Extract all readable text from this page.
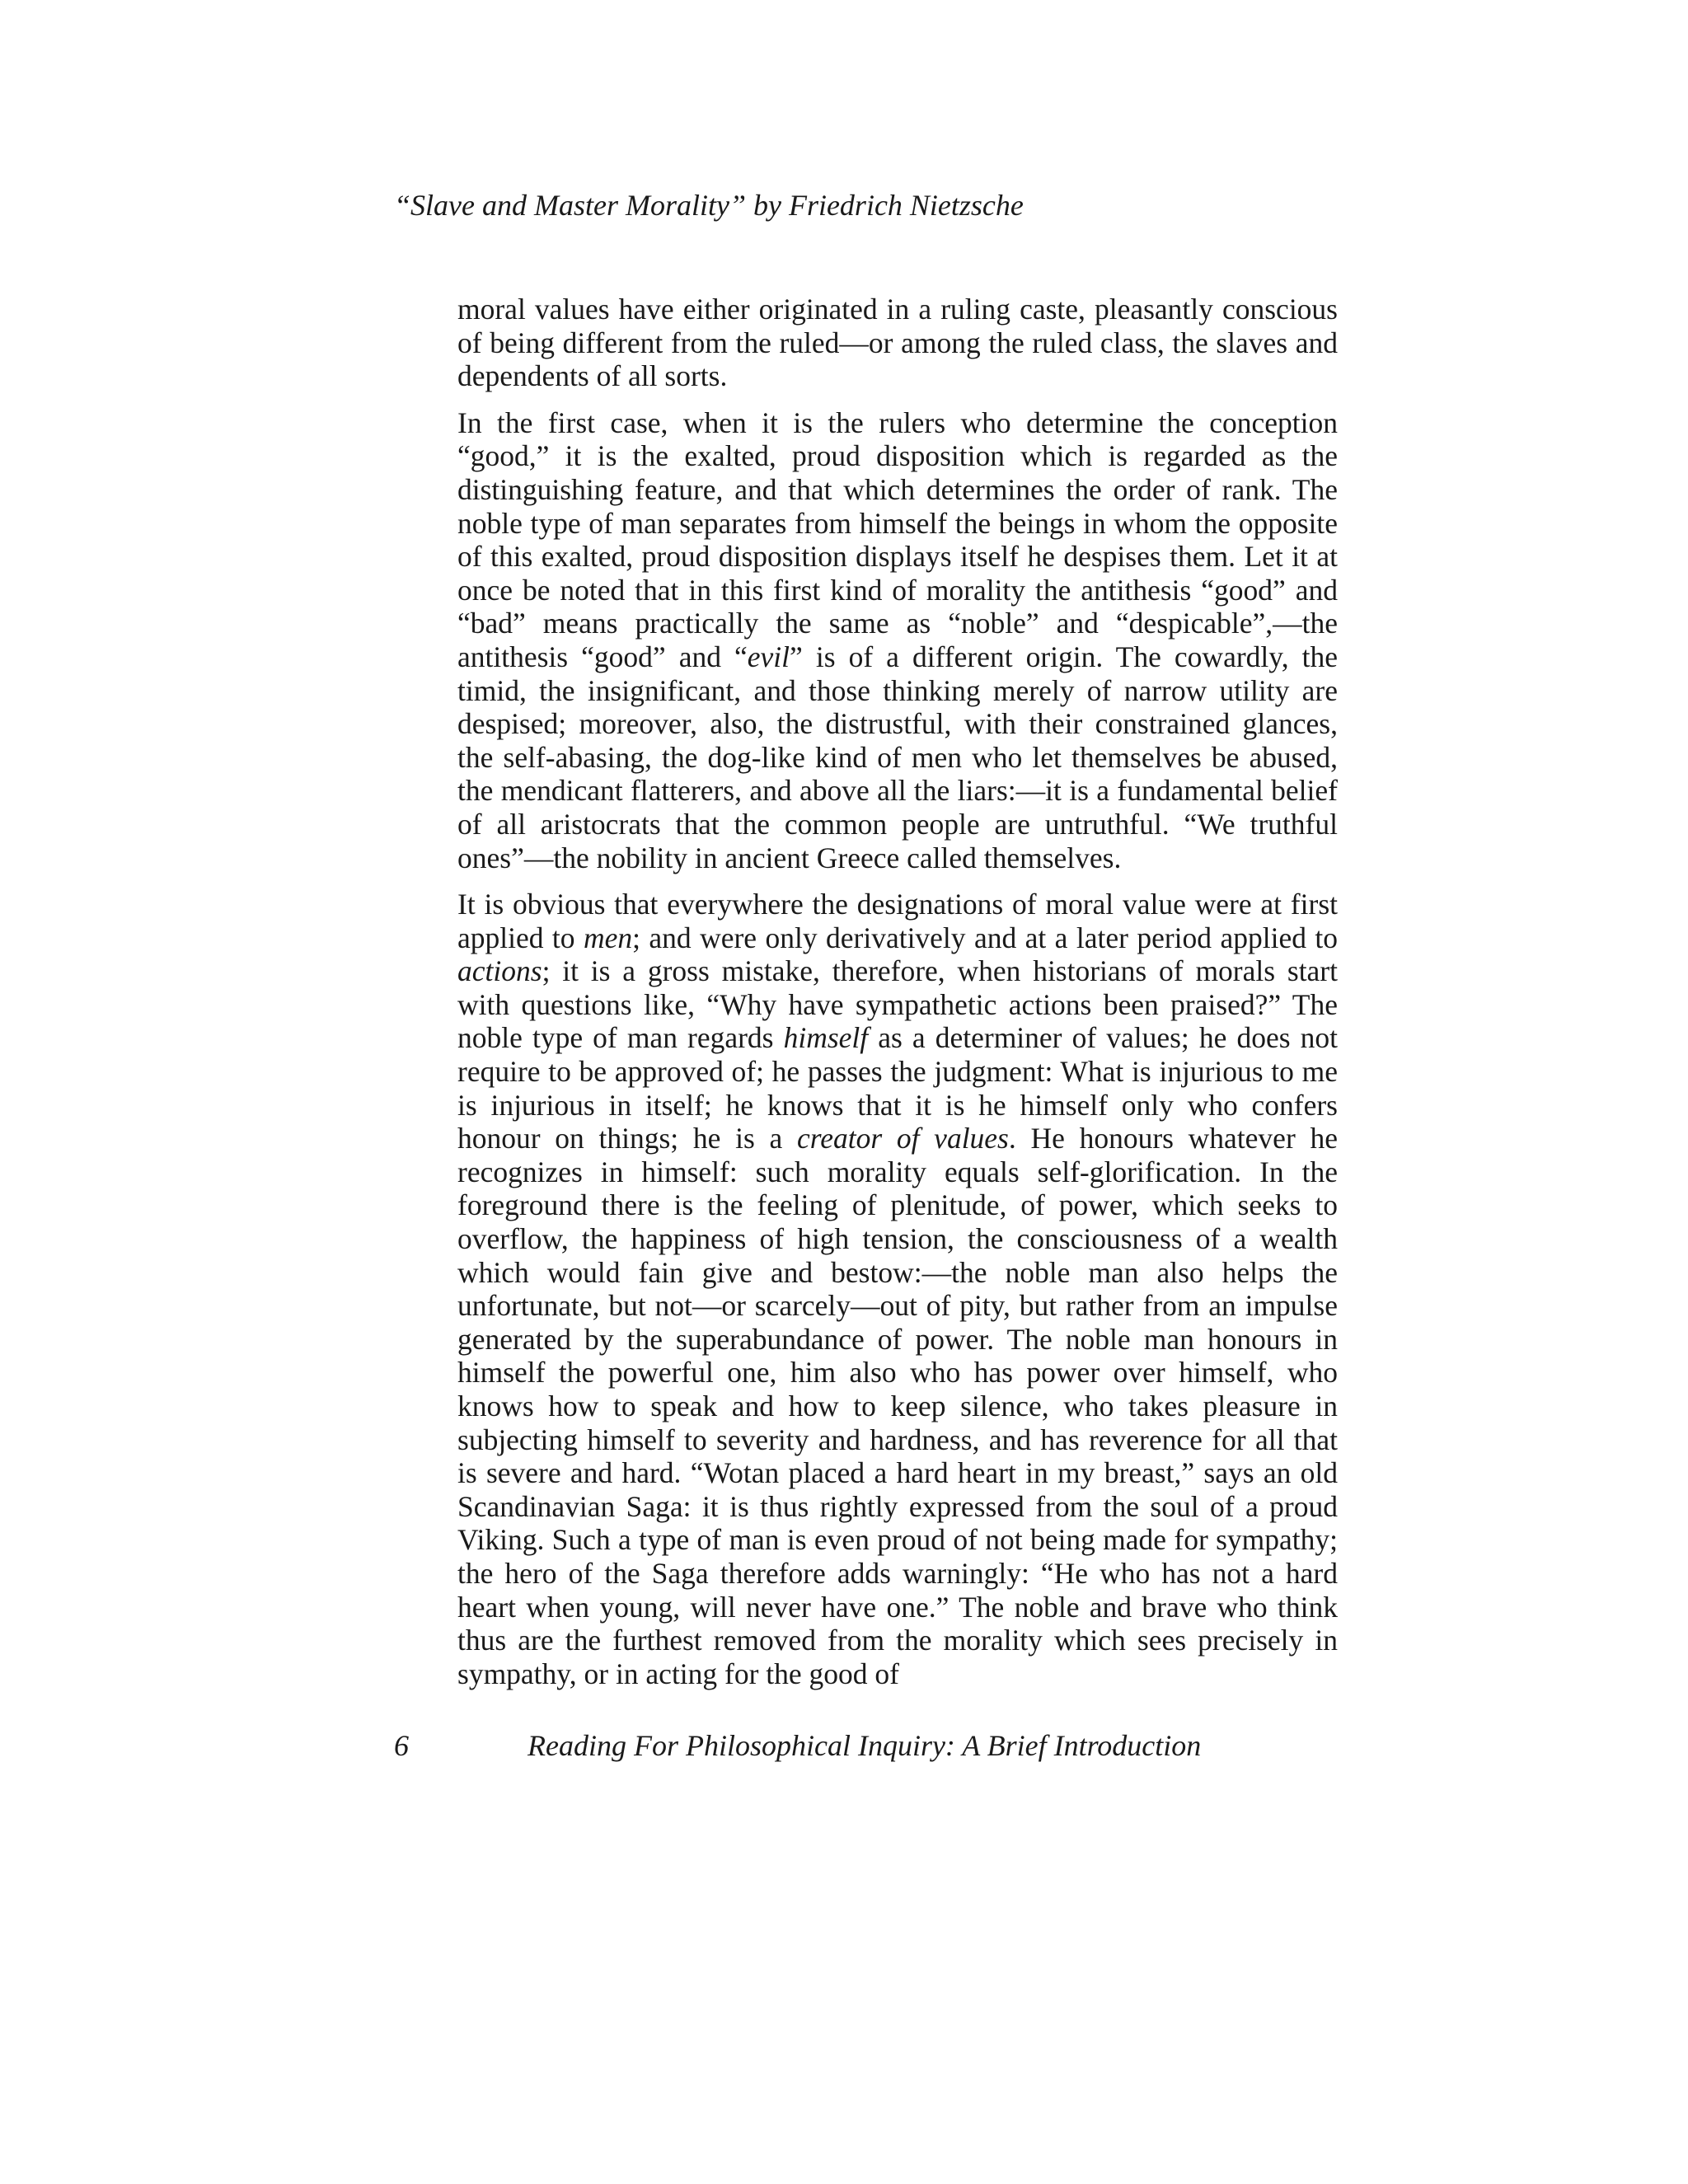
“Slave and Master Morality” by Friedrich Nietzsche

moral values have either originated in a ruling caste, pleasantly conscious of being different from the ruled—or among the ruled class, the slaves and dependents of all sorts.

In the first case, when it is the rulers who determine the conception “good,” it is the exalted, proud disposition which is regarded as the distinguishing feature, and that which determines the order of rank. The noble type of man separates from himself the beings in whom the opposite of this exalted, proud disposition displays itself he despises them. Let it at once be noted that in this first kind of morality the antithesis “good” and “bad” means practically the same as “noble” and “despicable”,—the antithesis “good” and “evil” is of a different origin. The cowardly, the timid, the insignificant, and those thinking merely of narrow utility are despised; moreover, also, the distrustful, with their constrained glances, the self-abasing, the dog-like kind of men who let themselves be abused, the mendicant flatterers, and above all the liars:—it is a fundamental belief of all aristocrats that the common people are untruthful. “We truthful ones”—the nobility in ancient Greece called themselves.

It is obvious that everywhere the designations of moral value were at first applied to men; and were only derivatively and at a later period applied to actions; it is a gross mistake, therefore, when historians of morals start with questions like, “Why have sympathetic actions been praised?” The noble type of man regards himself as a determiner of values; he does not require to be approved of; he passes the judgment: What is injurious to me is injurious in itself; he knows that it is he himself only who confers honour on things; he is a creator of values. He honours whatever he recognizes in himself: such morality equals self-glorification. In the foreground there is the feeling of plenitude, of power, which seeks to overflow, the happiness of high tension, the consciousness of a wealth which would fain give and bestow:—the noble man also helps the unfortunate, but not—or scarcely—out of pity, but rather from an impulse generated by the superabundance of power. The noble man honours in himself the powerful one, him also who has power over himself, who knows how to speak and how to keep silence, who takes pleasure in subjecting himself to severity and hardness, and has reverence for all that is severe and hard. “Wotan placed a hard heart in my breast,” says an old Scandinavian Saga: it is thus rightly expressed from the soul of a proud Viking. Such a type of man is even proud of not being made for sympathy; the hero of the Saga therefore adds warningly: “He who has not a hard heart when young, will never have one.” The noble and brave who think thus are the furthest removed from the morality which sees precisely in sympathy, or in acting for the good of

6	Reading For Philosophical Inquiry: A Brief Introduction
